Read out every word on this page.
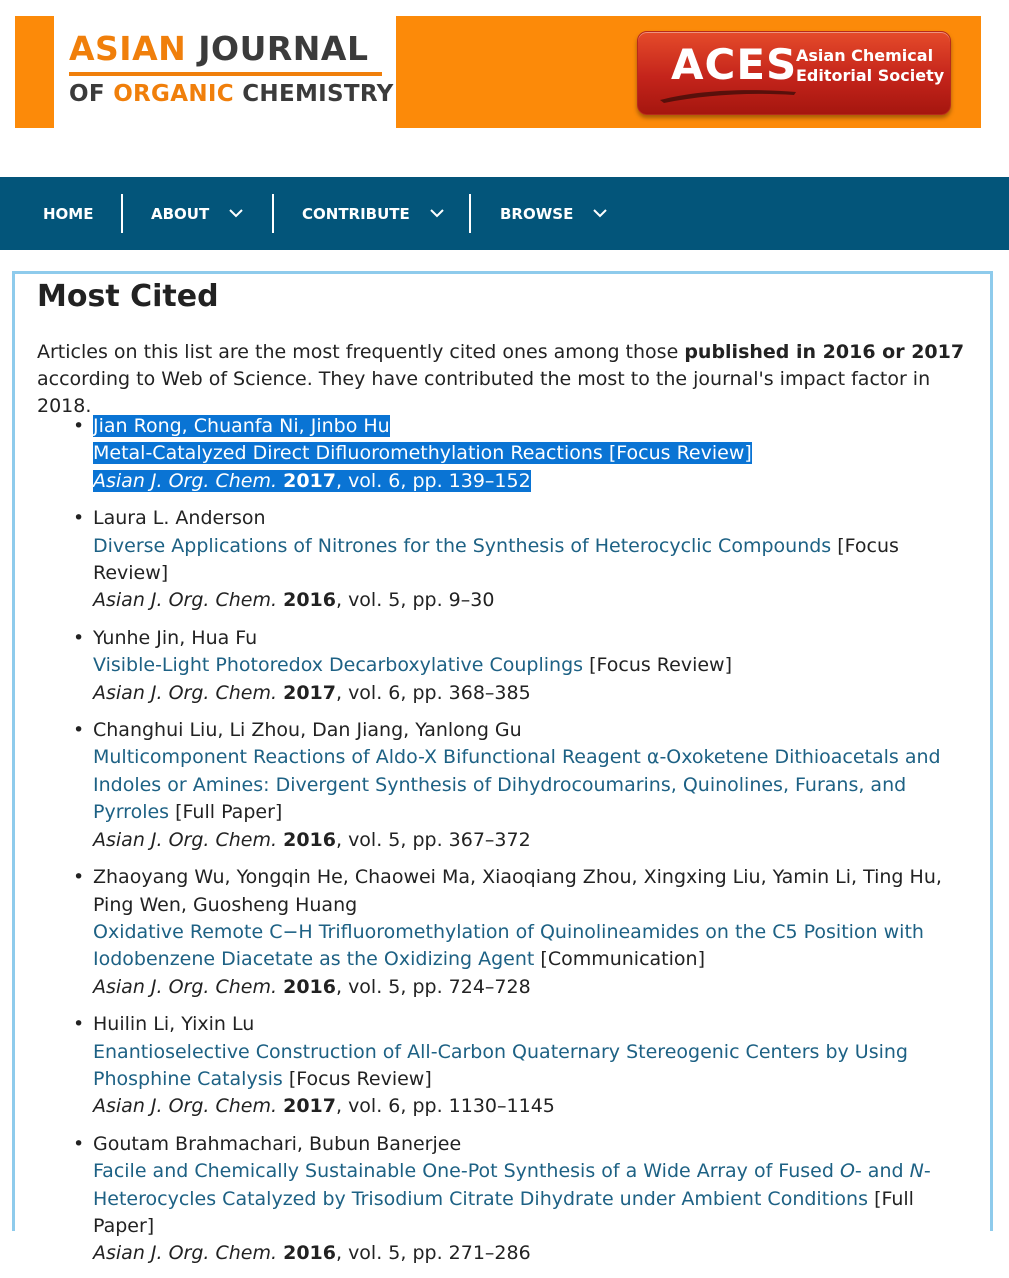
ASIAN JOURNAL
OF ORGANIC CHEMISTRY
ACES
Asian Chemical
Editorial Society
HOME	ABOUT	CONTRIBUTE	BROWSE
Most Cited

Articles on this list are the most frequently cited ones among those published in 2016 or 2017 according to Web of Science. They have contributed the most to the journal's impact factor in 2018.

• Jian Rong, Chuanfa Ni, Jinbo Hu
Metal-Catalyzed Direct Difluoromethylation Reactions [Focus Review]
Asian J. Org. Chem. 2017, vol. 6, pp. 139–152
• Laura L. Anderson
Diverse Applications of Nitrones for the Synthesis of Heterocyclic Compounds [Focus Review]
Asian J. Org. Chem. 2016, vol. 5, pp. 9–30
• Yunhe Jin, Hua Fu
Visible-Light Photoredox Decarboxylative Couplings [Focus Review]
Asian J. Org. Chem. 2017, vol. 6, pp. 368–385
• Changhui Liu, Li Zhou, Dan Jiang, Yanlong Gu
Multicomponent Reactions of Aldo-X Bifunctional Reagent α-Oxoketene Dithioacetals and Indoles or Amines: Divergent Synthesis of Dihydrocoumarins, Quinolines, Furans, and Pyrroles [Full Paper]
Asian J. Org. Chem. 2016, vol. 5, pp. 367–372
• Zhaoyang Wu, Yongqin He, Chaowei Ma, Xiaoqiang Zhou, Xingxing Liu, Yamin Li, Ting Hu, Ping Wen, Guosheng Huang
Oxidative Remote C−H Trifluoromethylation of Quinolineamides on the C5 Position with Iodobenzene Diacetate as the Oxidizing Agent [Communication]
Asian J. Org. Chem. 2016, vol. 5, pp. 724–728
• Huilin Li, Yixin Lu
Enantioselective Construction of All-Carbon Quaternary Stereogenic Centers by Using Phosphine Catalysis [Focus Review]
Asian J. Org. Chem. 2017, vol. 6, pp. 1130–1145
• Goutam Brahmachari, Bubun Banerjee
Facile and Chemically Sustainable One-Pot Synthesis of a Wide Array of Fused O- and N-Heterocycles Catalyzed by Trisodium Citrate Dihydrate under Ambient Conditions [Full Paper]
Asian J. Org. Chem. 2016, vol. 5, pp. 271–286
